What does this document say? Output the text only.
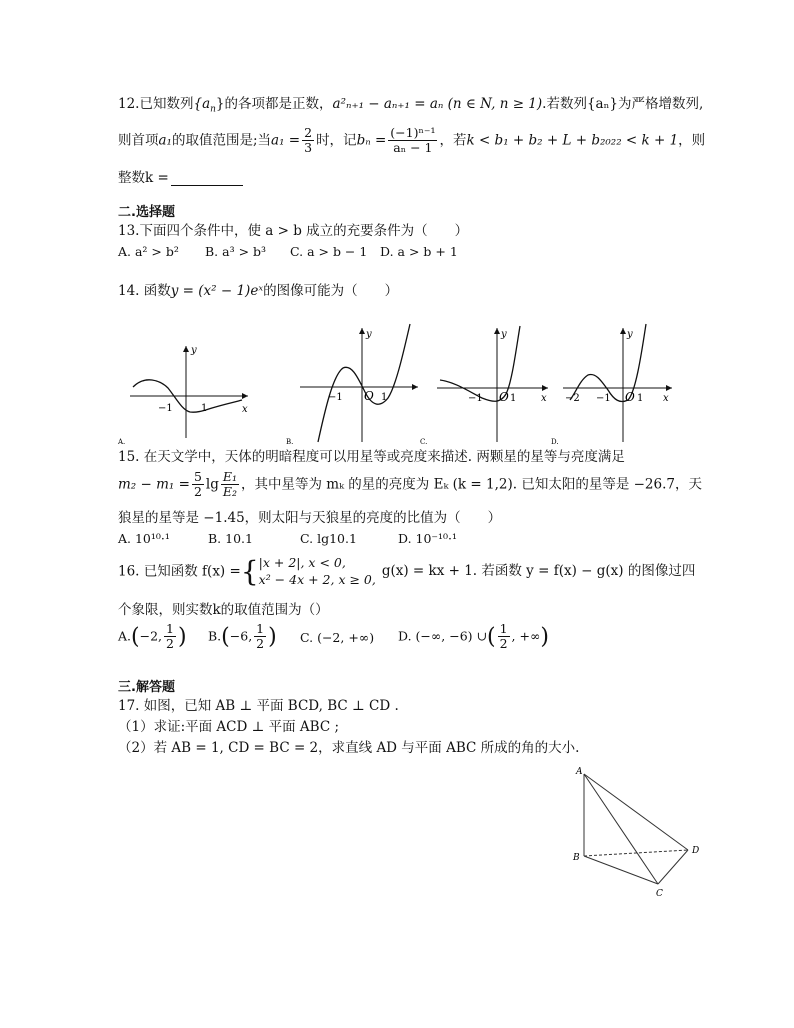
12.已知数列$\{a_n\}$的各项都是正数，a²ₙ₊₁ − aₙ₊₁ = aₙ (n ∈ N, n ≥ 1).若数列{aₙ}为严格增数列,
则首项a₁的取值范围是;当$a_1 = \frac{2}{3}$ 时，记$b_n = \frac{\text{(−1)ⁿ⁻¹}}{\text{aₙ − 1}}$ ，若k < b₁ + b₂ + L + b₂₀₂₂ < k + 1，则
整数k =
二.选择题
13.下面四个条件中，使 a > b 成立的充要条件为（　　）
A. a² > b² B. a³ > b³ C. a > b − 1 D. a > b + 1
14. 函数y = (x² − 1)eˣ的图像可能为（　　）
x
y
−1	1
A.
y
−1 O 1
B.
x
y
−1 O 1
C.
x
y
−2 −1 O 1
D.
15. 在天文学中，天体的明暗程度可以用星等或亮度来描述. 两颗星的星等与亮度满足
$m_2 - m_1 = \frac{5}{2}$ $\lg \frac{\text{E₁}}{\text{E₂}}$ ，其中星等为 mₖ 的星的亮度为 Eₖ (k = 1,2). 已知太阳的星等是 −26.7，天
狼星的星等是 −1.45，则太阳与天狼星的亮度的比值为（　　）
A. 10¹⁰·¹	B. 10.1	C. lg10.1	D. 10⁻¹⁰·¹
16. 已知函数 f(x) ={ |x + 2|, x < 0,
x² − 4x + 2, x ≥ 0, g(x) = kx + 1. 若函数 y = f(x) − g(x) 的图像过四
个象限，则实数k的取值范围为（）
A.(−2, $\frac{1}{2}$ ) B.(−6, $\frac{1}{2}$ ) C. (−2, +∞) D. (−∞, −6) ∪( $\frac{1}{2}$ , +∞)
三.解答题
17. 如图，已知 AB ⊥ 平面 BCD, BC ⊥ CD .
（1）求证:平面 ACD ⊥ 平面 ABC ;
（2）若 AB = 1, CD = BC = 2，求直线 AD 与平面 ABC 所成的角的大小.
A
B
C
D
